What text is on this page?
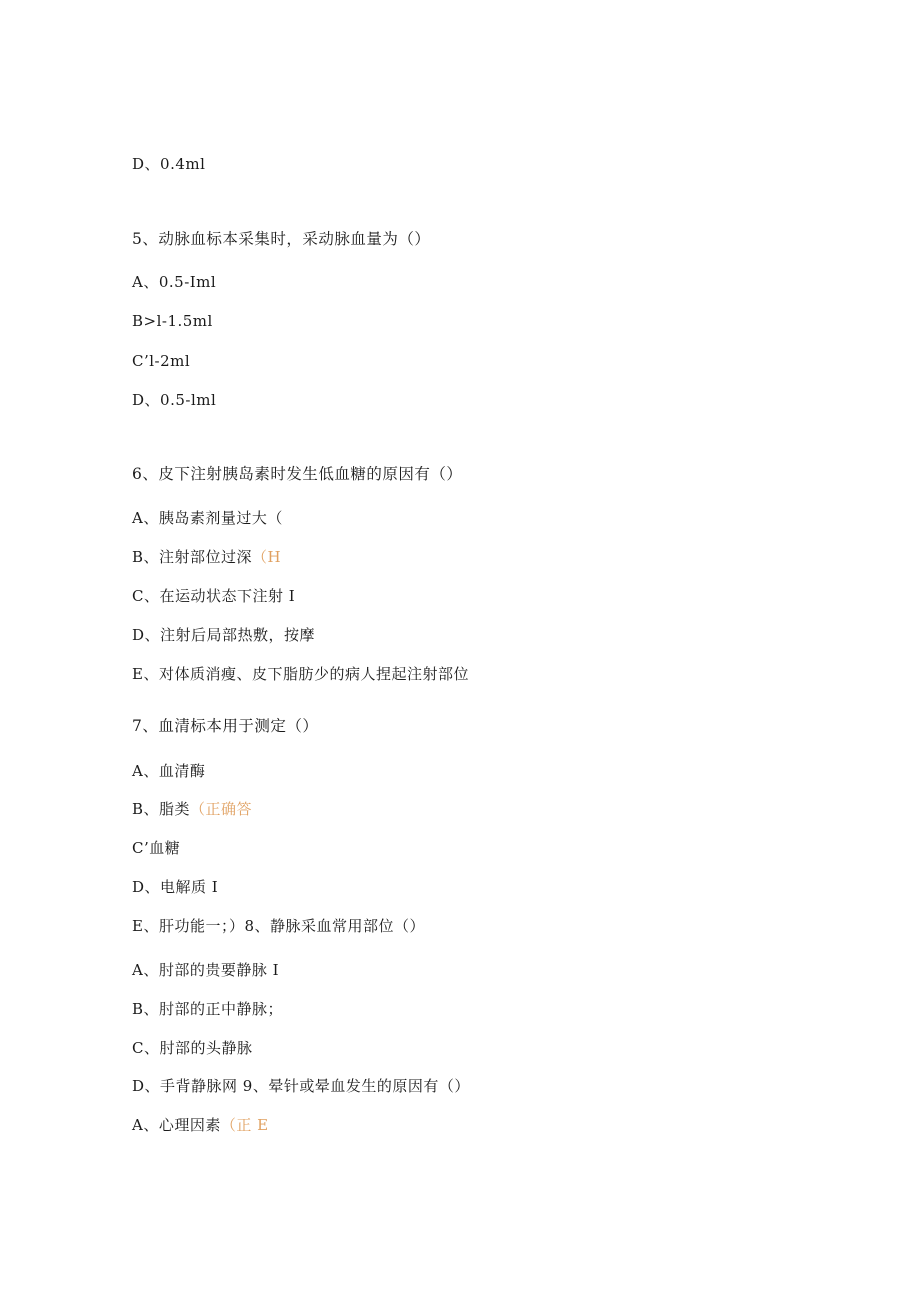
D、0.4ml
5、动脉血标本采集时，采动脉血量为（）
A、0.5-Iml
B>l-1.5ml
C’l-2ml
D、0.5-lml
6、皮下注射胰岛素时发生低血糖的原因有（）
A、胰岛素剂量过大（
B、注射部位过深（H
C、在运动状态下注射 I
D、注射后局部热敷，按摩
E、对体质消瘦、皮下脂肪少的病人捏起注射部位
7、血清标本用于测定（）
A、血清酶
B、脂类（正确答
C’血糖
D、电解质 I
E、肝功能一；）8、静脉采血常用部位（）
A、肘部的贵要静脉 I
B、肘部的正中静脉；
C、肘部的头静脉
D、手背静脉网 9、晕针或晕血发生的原因有（）
A、心理因素（正 E
